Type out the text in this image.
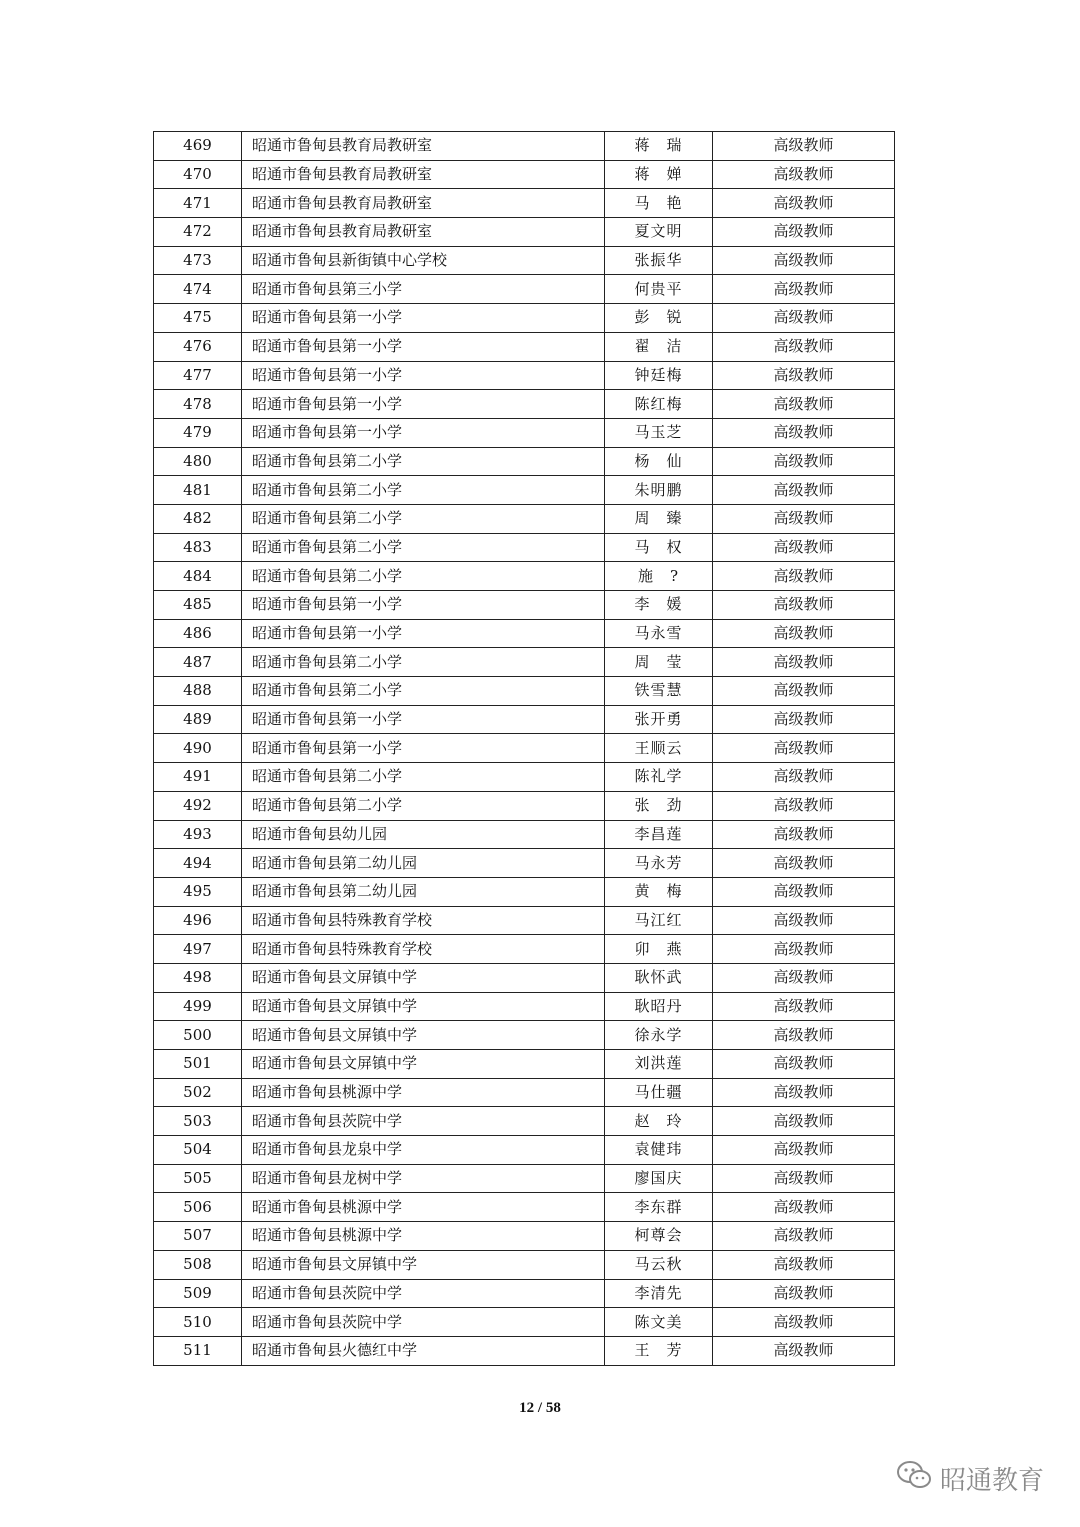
469	昭通市鲁甸县教育局教研室	蒋　瑞	高级教师
470	昭通市鲁甸县教育局教研室	蒋　婵	高级教师
471	昭通市鲁甸县教育局教研室	马　艳	高级教师
472	昭通市鲁甸县教育局教研室	夏文明	高级教师
473	昭通市鲁甸县新街镇中心学校	张振华	高级教师
474	昭通市鲁甸县第三小学	何贵平	高级教师
475	昭通市鲁甸县第一小学	彭　锐	高级教师
476	昭通市鲁甸县第一小学	翟　洁	高级教师
477	昭通市鲁甸县第一小学	钟廷梅	高级教师
478	昭通市鲁甸县第一小学	陈红梅	高级教师
479	昭通市鲁甸县第一小学	马玉芝	高级教师
480	昭通市鲁甸县第二小学	杨　仙	高级教师
481	昭通市鲁甸县第二小学	朱明鹏	高级教师
482	昭通市鲁甸县第二小学	周　臻	高级教师
483	昭通市鲁甸县第二小学	马　权	高级教师
484	昭通市鲁甸县第二小学	施　?	高级教师
485	昭通市鲁甸县第一小学	李　媛	高级教师
486	昭通市鲁甸县第一小学	马永雪	高级教师
487	昭通市鲁甸县第二小学	周　莹	高级教师
488	昭通市鲁甸县第二小学	铁雪慧	高级教师
489	昭通市鲁甸县第一小学	张开勇	高级教师
490	昭通市鲁甸县第一小学	王顺云	高级教师
491	昭通市鲁甸县第二小学	陈礼学	高级教师
492	昭通市鲁甸县第二小学	张　劲	高级教师
493	昭通市鲁甸县幼儿园	李昌莲	高级教师
494	昭通市鲁甸县第二幼儿园	马永芳	高级教师
495	昭通市鲁甸县第二幼儿园	黄　梅	高级教师
496	昭通市鲁甸县特殊教育学校	马江红	高级教师
497	昭通市鲁甸县特殊教育学校	卯　燕	高级教师
498	昭通市鲁甸县文屏镇中学	耿怀武	高级教师
499	昭通市鲁甸县文屏镇中学	耿昭丹	高级教师
500	昭通市鲁甸县文屏镇中学	徐永学	高级教师
501	昭通市鲁甸县文屏镇中学	刘洪莲	高级教师
502	昭通市鲁甸县桃源中学	马仕疆	高级教师
503	昭通市鲁甸县茨院中学	赵　玲	高级教师
504	昭通市鲁甸县龙泉中学	袁健玮	高级教师
505	昭通市鲁甸县龙树中学	廖国庆	高级教师
506	昭通市鲁甸县桃源中学	李东群	高级教师
507	昭通市鲁甸县桃源中学	柯尊会	高级教师
508	昭通市鲁甸县文屏镇中学	马云秋	高级教师
509	昭通市鲁甸县茨院中学	李清先	高级教师
510	昭通市鲁甸县茨院中学	陈文美	高级教师
511	昭通市鲁甸县火德红中学	王　芳	高级教师
12 / 58
昭通教育
